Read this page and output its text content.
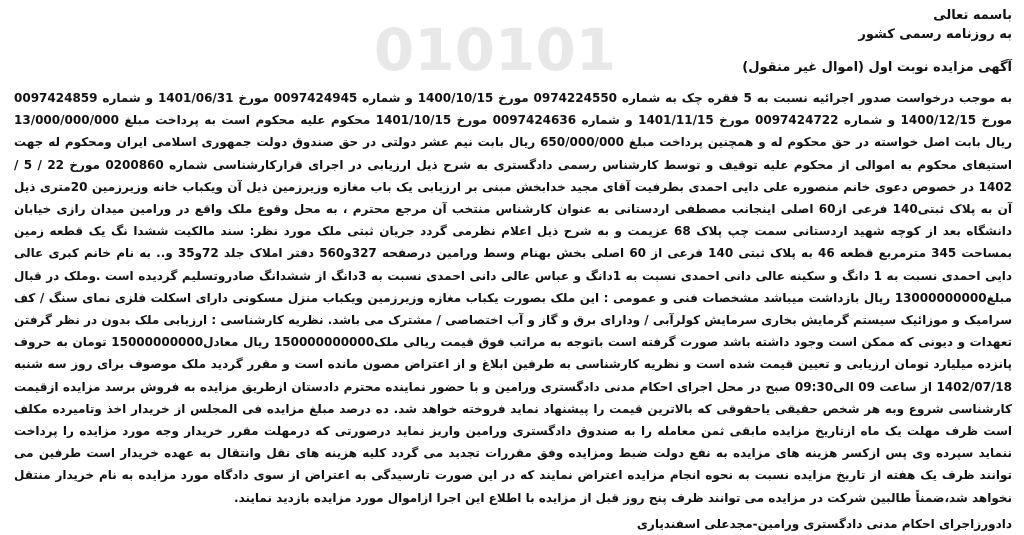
باسمه تعالی
به روزنامه رسمی کشور
آگهی مزایده نوبت اول (اموال غیر منقول)

به موجب درخواست صدور اجرائیه نسبت به 5 فقره چک به شماره 0974224550 مورخ 1400/10/15 و شماره 0097424945 مورخ 1401/06/31 و شماره 0097424859 مورخ 1400/12/15 و شماره 0097424722 مورخ 1401/11/15 و شماره 0097424636 مورخ 1401/10/15 محکوم علیه محکوم است به پرداخت مبلغ 13/000/000/000 ریال بابت اصل خواسته در حق محکوم له و همچنین پرداخت مبلغ 650/000/000 ریال بابت نیم عشر دولتی در حق صندوق دولت جمهوری اسلامی ایران ومحکوم له جهت استیفای محکوم به اموالی از محکوم علیه توقیف و توسط کارشناس رسمی دادگستری به شرح ذیل ارزیابی در اجرای قرارکارشناسی شماره 0200860 مورخ 22 / 5 / 1402 در خصوص دعوی خانم منصوره علی دایی احمدی بطرفیت آقای مجید خدابخش مبنی بر ارزیابی یک باب مغازه وزیرزمین ذیل آن ویکباب خانه وزیرزمین 20متری ذیل آن به پلاک ثبتی140 فرعی از60 اصلی اینجانب مصطفی اردستانی به عنوان کارشناس منتخب آن مرجع محترم ، به محل وقوع ملک واقع در ورامین میدان رازی خیابان دانشگاه بعد از کوچه شهید اردستانی سمت چپ پلاک 68 عزیمت و به شرح ذیل اعلام نظرمی گردد جریان ثبتی ملک مورد نظر: سند مالکیت ششدا نگ یک قطعه زمین بمساحت 345 مترمربع قطعه 46 به پلاک ثبتی 140 فرعی از 60 اصلی بخش بهنام وسط ورامین درصفحه 327و560 دفتر املاک جلد 72و35 و.. به نام خانم کبری عالی دایی احمدی نسبت به 1 دانگ و سکینه عالی دانی احمدی نسبت به 1دانگ و عباس عالی دانی احمدی نسبت به 3دانگ از ششدانگ صادروتسلیم گردیده است .وملک در قبال مبلغ13000000000 ریال بازداشت میباشد مشخصات فنی و عمومی : این ملک بصورت یکباب مغازه وزیرزمین ویکباب منزل مسکونی دارای اسکلت فلزی نمای سنگ / کف سرامیک و موزائیک سیستم گرمایش بخاری سرمایش کولرآبی / ودارای برق و گاز و آب اختصاصی / مشترک می باشد. نظریه کارشناسی : ارزیابی ملک بدون در نظر گرفتن تعهدات و دیونی که ممکن است وجود داشته باشد صورت گرفته است باتوجه به مراتب فوق قیمت ریالی ملک150000000000 ریال معادل15000000000 تومان به حروف پانزده میلیارد تومان ارزیابی و تعیین قیمت شده است و نظریه کارشناسی به طرفین ابلاغ و از اعتراض مصون مانده است و مقرر گردید ملک موصوف برای روز سه شنبه 1402/07/18 از ساعت 09 الی09:30 صبح در محل اجرای احکام مدنی دادگستری ورامین و با حضور نماینده محترم دادستان ازطریق مزایده به فروش برسد مزایده ازقیمت کارشناسی شروع وبه هر شخص حقیقی یاحقوقی که بالاترین قیمت را پیشنهاد نماید فروخته خواهد شد. ده درصد مبلغ مزایده فی المجلس از خریدار اخذ وتامیرده مکلف است ظرف مهلت یک ماه ازتاریخ مزایده مابقی ثمن معامله را به صندوق دادگستری ورامین واریز نماید درصورتی که درمهلت مقرر خریدار وجه مورد مزایده را پرداخت ننماید سپرده وی پس ازکسر هزینه های مزایده به نفع دولت ضبط ومزایده وفق مقررات تجدید می گردد کلیه هزینه های نقل وانتقال به عهده خریدار است طرفین می توانند ظرف یک هفته از تاریخ مزایده نسبت به نحوه انجام مزایده اعتراض نمایند که در این صورت تارسیدگی به اعتراض از سوی دادگاه مورد مزایده به نام خریدار منتقل نخواهد شد،ضمناً طالبین شرکت در مزایده می توانند ظرف پنج روز قبل از مزایده با اطلاع این اجرا ازاموال مورد مزایده بازدید نمایند.

دادورزاجرای احکام مدنی دادگستری ورامین-مجدعلی اسفندیاری
010101
